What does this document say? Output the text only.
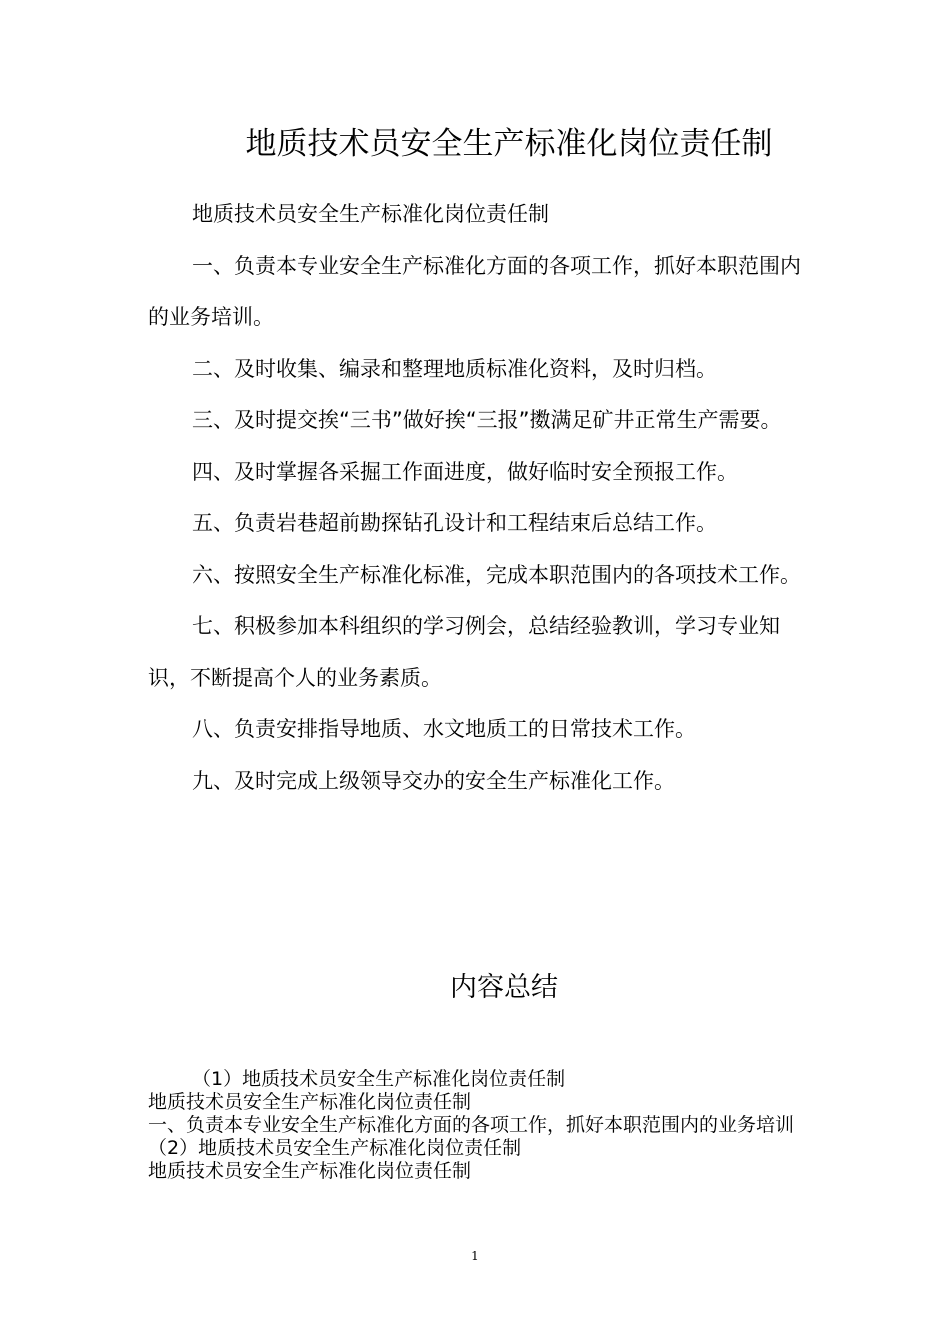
地质技术员安全生产标准化岗位责任制

地质技术员安全生产标准化岗位责任制

一、负责本专业安全生产标准化方面的各项工作，抓好本职范围内的业务培训。

二、及时收集、编录和整理地质标准化资料，及时归档。

三、及时提交挨“三书”做好挨“三报”擞满足矿井正常生产需要。

四、及时掌握各采掘工作面进度，做好临时安全预报工作。

五、负责岩巷超前勘探钻孔设计和工程结束后总结工作。

六、按照安全生产标准化标准，完成本职范围内的各项技术工作。

七、积极参加本科组织的学习例会，总结经验教训，学习专业知识，不断提高个人的业务素质。

八、负责安排指导地质、水文地质工的日常技术工作。

九、及时完成上级领导交办的安全生产标准化工作。

内容总结

（1）地质技术员安全生产标准化岗位责任制

地质技术员安全生产标准化岗位责任制

一、负责本专业安全生产标准化方面的各项工作，抓好本职范围内的业务培训

（2）地质技术员安全生产标准化岗位责任制

地质技术员安全生产标准化岗位责任制

1
